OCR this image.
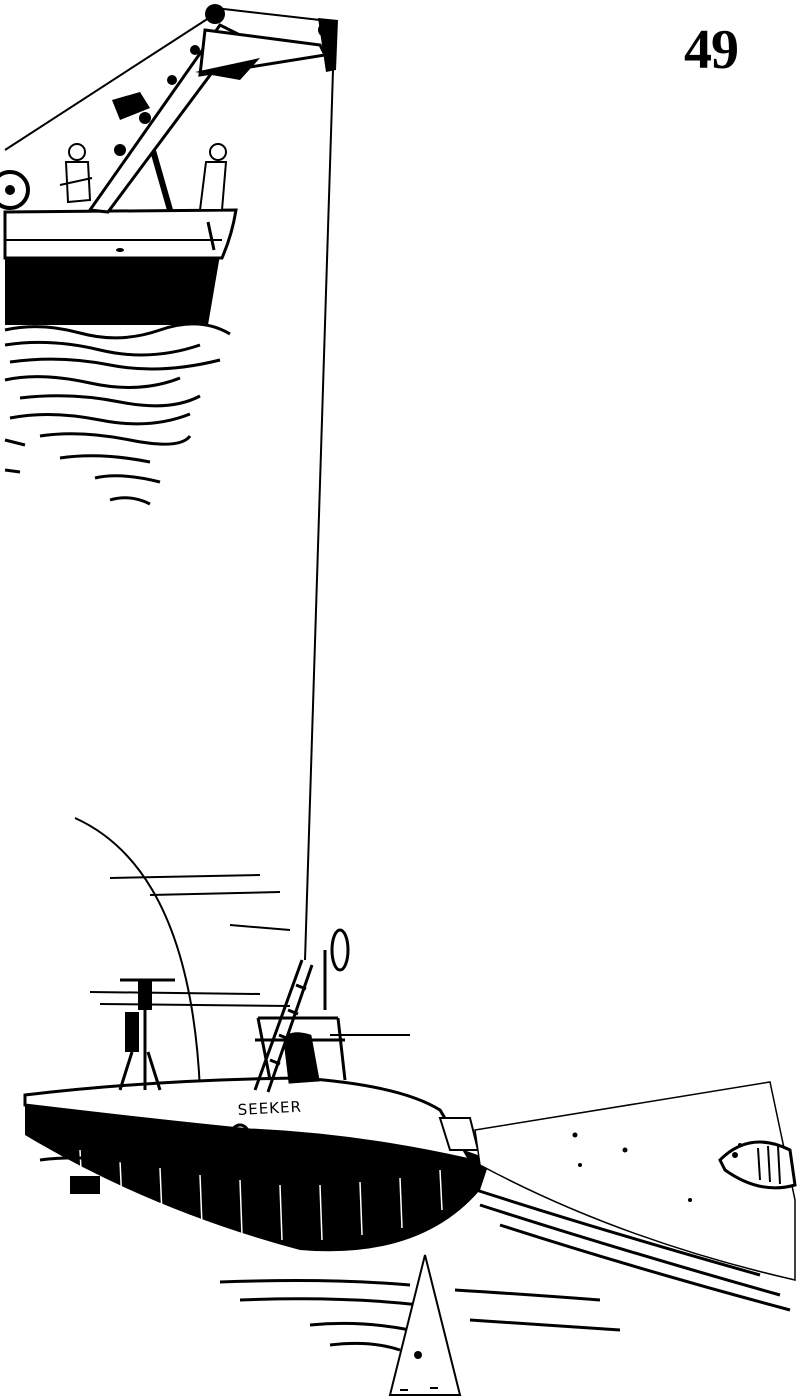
49
SEEKER
